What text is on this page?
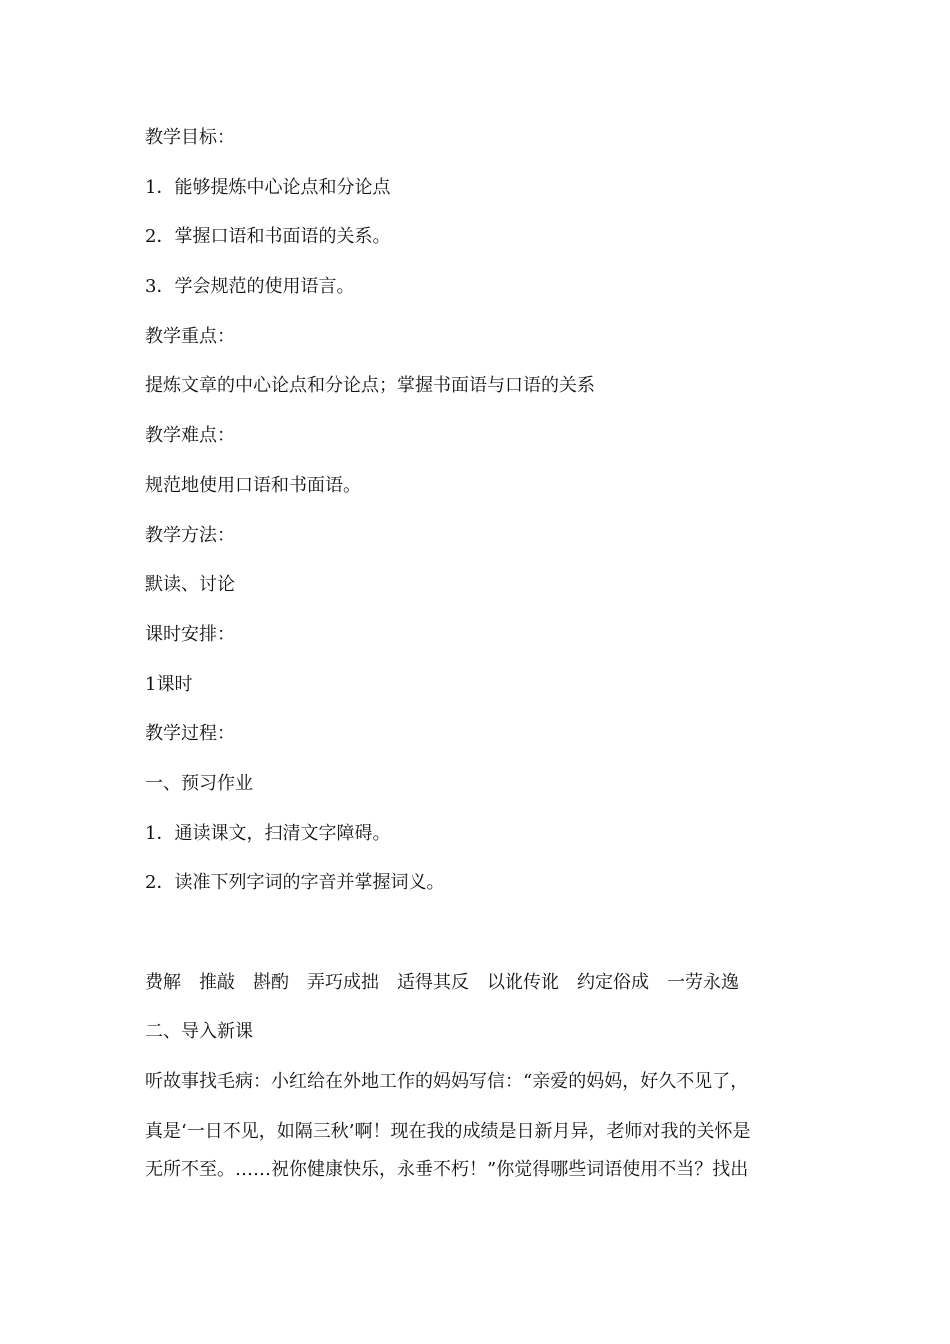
教学目标：
1．能够提炼中心论点和分论点
2．掌握口语和书面语的关系。
3．学会规范的使用语言。
教学重点：
提炼文章的中心论点和分论点；掌握书面语与口语的关系
教学难点：
规范地使用口语和书面语。
教学方法：
默读、讨论
课时安排：
1课时
教学过程：
一、预习作业
1．通读课文，扫清文字障碍。
2．读准下列字词的字音并掌握词义。
费解 推敲 斟酌 弄巧成拙 适得其反 以讹传讹 约定俗成 一劳永逸
二、导入新课
听故事找毛病：小红给在外地工作的妈妈写信：“亲爱的妈妈，好久不见了，
真是‘一日不见，如隔三秋’啊！现在我的成绩是日新月异，老师对我的关怀是
无所不至。……祝你健康快乐，永垂不朽！”你觉得哪些词语使用不当？找出
